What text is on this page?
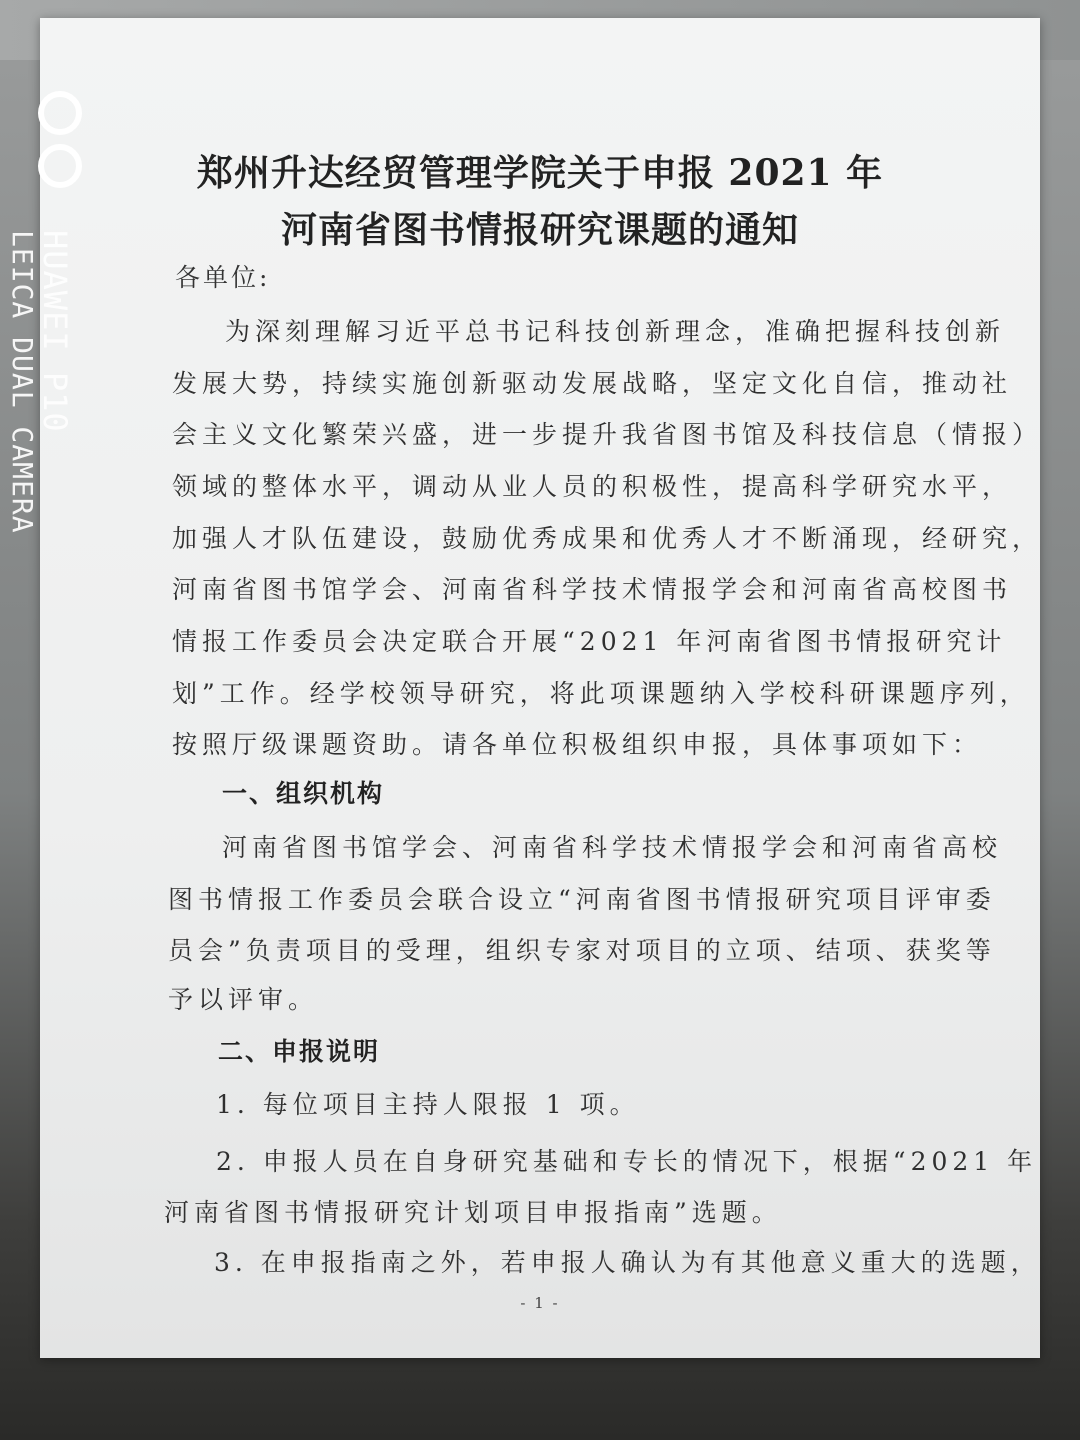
HUAWEI P10
LEICA DUAL CAMERA
郑州升达经贸管理学院关于申报 2021 年
河南省图书情报研究课题的通知
各单位:
为深刻理解习近平总书记科技创新理念，准确把握科技创新
发展大势，持续实施创新驱动发展战略，坚定文化自信，推动社
会主义文化繁荣兴盛，进一步提升我省图书馆及科技信息（情报）
领域的整体水平，调动从业人员的积极性，提高科学研究水平，
加强人才队伍建设，鼓励优秀成果和优秀人才不断涌现，经研究，
河南省图书馆学会、河南省科学技术情报学会和河南省高校图书
情报工作委员会决定联合开展“2021 年河南省图书情报研究计
划”工作。经学校领导研究，将此项课题纳入学校科研课题序列，
按照厅级课题资助。请各单位积极组织申报，具体事项如下：
一、组织机构
河南省图书馆学会、河南省科学技术情报学会和河南省高校
图书情报工作委员会联合设立“河南省图书情报研究项目评审委
员会”负责项目的受理，组织专家对项目的立项、结项、获奖等
予以评审。
二、申报说明
1. 每位项目主持人限报 1 项。
2. 申报人员在自身研究基础和专长的情况下，根据“2021 年
河南省图书情报研究计划项目申报指南”选题。
3. 在申报指南之外，若申报人确认为有其他意义重大的选题，
- 1 -
